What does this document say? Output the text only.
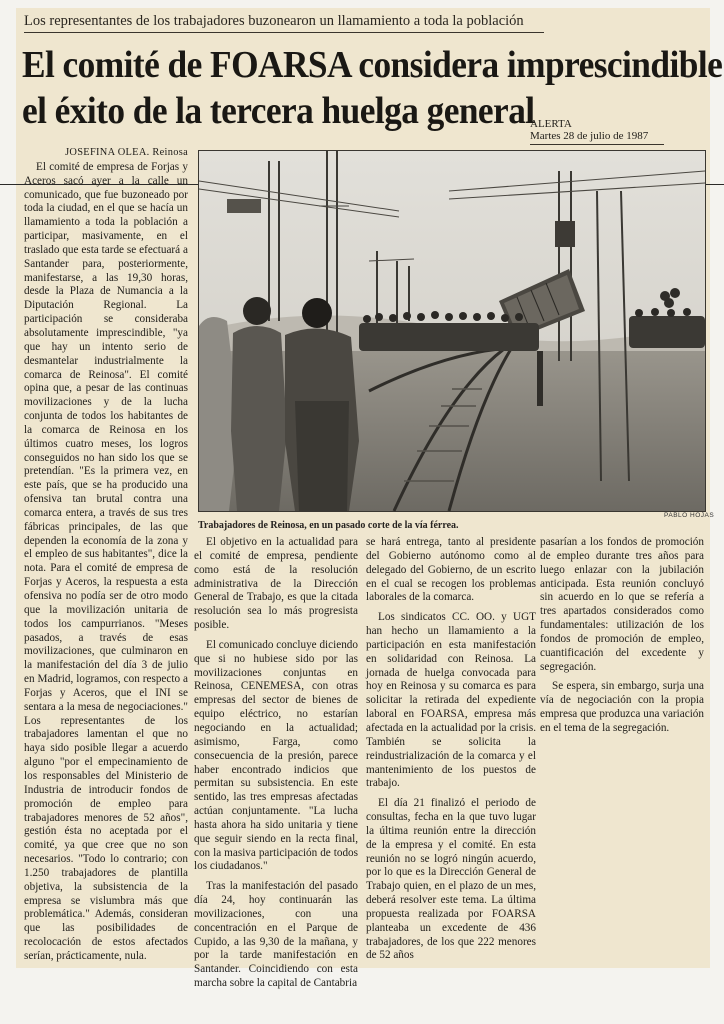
Los representantes de los trabajadores buzonearon un llamamiento a toda la población
El comité de FOARSA considera imprescindible
el éxito de la tercera huelga general
ALERTA
Martes 28 de julio de 1987
JOSEFINA OLEA. Reinosa

El comité de empresa de Forjas y Aceros sacó ayer a la calle un comunicado, que fue buzoneado por toda la ciudad, en el que se hacía un llamamiento a toda la población a participar, masivamente, en el traslado que esta tarde se efectuará a Santander para, posteriormente, manifestarse, a las 19,30 horas, desde la Plaza de Numancia a la Diputación Regional. La participación se consideraba absolutamente imprescindible, "ya que hay un intento serio de desmantelar industrialmente la comarca de Reinosa". El comité opina que, a pesar de las continuas movilizaciones y de la lucha conjunta de todos los habitantes de la comarca de Reinosa en los últimos cuatro meses, los logros conseguidos no han sido los que se pretendían. "Es la primera vez, en este país, que se ha producido una ofensiva tan brutal contra una comarca entera, a través de sus tres fábricas principales, de las que dependen la economía de la zona y el empleo de sus habitantes", dice la nota. Para el comité de empresa de Forjas y Aceros, la respuesta a esta ofensiva no podía ser de otro modo que la movilización unitaria de todos los campurrianos. "Meses pasados, a través de esas movilizaciones, que culminaron en la manifestación del día 3 de julio en Madrid, logramos, con respecto a Forjas y Aceros, que el INI se sentara a la mesa de negociaciones." Los representantes de los trabajadores lamentan el que no haya sido posible llegar a acuerdo alguno "por el empecinamiento de los responsables del Ministerio de Industria de introducir fondos de promoción de empleo para trabajadores menores de 52 años", gestión ésta no aceptada por el comité, ya que cree que no son necesarios. "Todo lo contrario; con 1.250 trabajadores de plantilla objetiva, la subsistencia de la empresa se vislumbra más que problemática." Además, consideran que las posibilidades de recolocación de estos afectados serían, prácticamente, nula.

PABLO HOJAS
Trabajadores de Reinosa, en un pasado corte de la vía férrea.

El objetivo en la actualidad para el comité de empresa, pendiente como está de la resolución administrativa de la Dirección General de Trabajo, es que la citada resolución sea lo más progresista posible.

El comunicado concluye diciendo que si no hubiese sido por las movilizaciones conjuntas en Reinosa, CENEMESA, con otras empresas del sector de bienes de equipo eléctrico, no estarían negociando en la actualidad; asimismo, Farga, como consecuencia de la presión, parece haber encontrado indicios que permitan su subsistencia. En este sentido, las tres empresas afectadas actúan conjuntamente. "La lucha hasta ahora ha sido unitaria y tiene que seguir siendo en la recta final, con la masiva participación de todos los ciudadanos."

Tras la manifestación del pasado día 24, hoy continuarán las movilizaciones, con una concentración en el Parque de Cupido, a las 9,30 de la mañana, y por la tarde manifestación en Santander. Coincidiendo con esta marcha sobre la capital de Cantabria

se hará entrega, tanto al presidente del Gobierno autónomo como al delegado del Gobierno, de un escrito en el cual se recogen los problemas laborales de la comarca.

Los sindicatos CC. OO. y UGT han hecho un llamamiento a la participación en esta manifestación en solidaridad con Reinosa. La jornada de huelga convocada para hoy en Reinosa y su comarca es para solicitar la retirada del expediente laboral en FOARSA, empresa más afectada en la actualidad por la crisis. También se solicita la reindustrialización de la comarca y el mantenimiento de los puestos de trabajo.

El día 21 finalizó el periodo de consultas, fecha en la que tuvo lugar la última reunión entre la dirección de la empresa y el comité. En esta reunión no se logró ningún acuerdo, por lo que es la Dirección General de Trabajo quien, en el plazo de un mes, deberá resolver este tema. La última propuesta realizada por FOARSA planteaba un excedente de 436 trabajadores, de los que 222 menores de 52 años

pasarían a los fondos de promoción de empleo durante tres años para luego enlazar con la jubilación anticipada. Esta reunión concluyó sin acuerdo en lo que se refería a tres apartados considerados como fundamentales: utilización de los fondos de promoción de empleo, cuantificación del excedente y segregación.

Se espera, sin embargo, surja una vía de negociación con la propia empresa que produzca una variación en el tema de la segregación.
